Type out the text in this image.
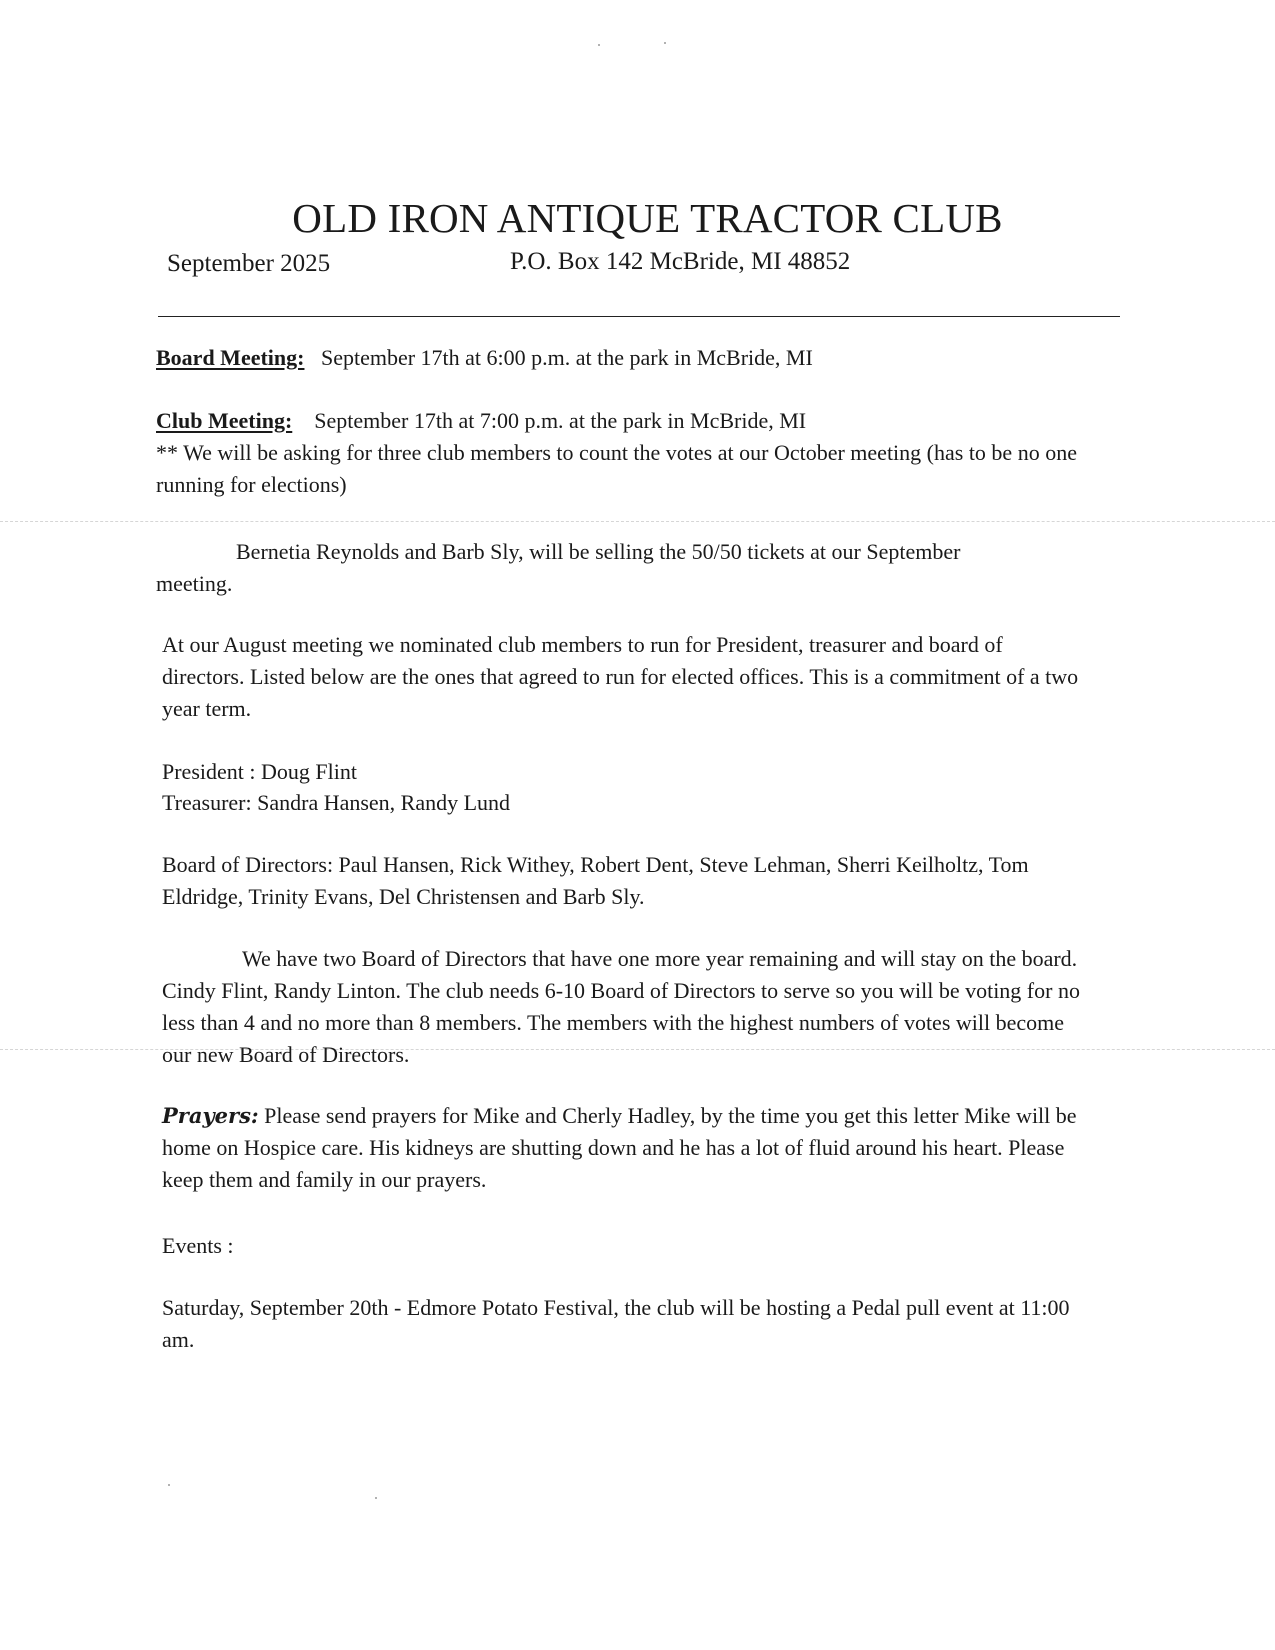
OLD IRON ANTIQUE TRACTOR CLUB
September 2025	P.O. Box 142 McBride, MI 48852
Board Meeting: September 17th at 6:00 p.m. at the park in McBride, MI
Club Meeting: September 17th at 7:00 p.m. at the park in McBride, MI
** We will be asking for three club members to count the votes at our October meeting (has to be no one running for elections)
Bernetia Reynolds and Barb Sly, will be selling the 50/50 tickets at our September meeting.
At our August meeting we nominated club members to run for President, treasurer and board of directors. Listed below are the ones that agreed to run for elected offices. This is a commitment of a two year term.
President : Doug Flint
Treasurer: Sandra Hansen, Randy Lund
Board of Directors: Paul Hansen, Rick Withey, Robert Dent, Steve Lehman, Sherri Keilholtz, Tom Eldridge, Trinity Evans, Del Christensen and Barb Sly.
We have two Board of Directors that have one more year remaining and will stay on the board. Cindy Flint, Randy Linton. The club needs 6-10 Board of Directors to serve so you will be voting for no less than 4 and no more than 8 members. The members with the highest numbers of votes will become our new Board of Directors.
Prayers: Please send prayers for Mike and Cherly Hadley, by the time you get this letter Mike will be home on Hospice care. His kidneys are shutting down and he has a lot of fluid around his heart. Please keep them and family in our prayers.
Events :
Saturday, September 20th - Edmore Potato Festival, the club will be hosting a Pedal pull event at 11:00 am.
